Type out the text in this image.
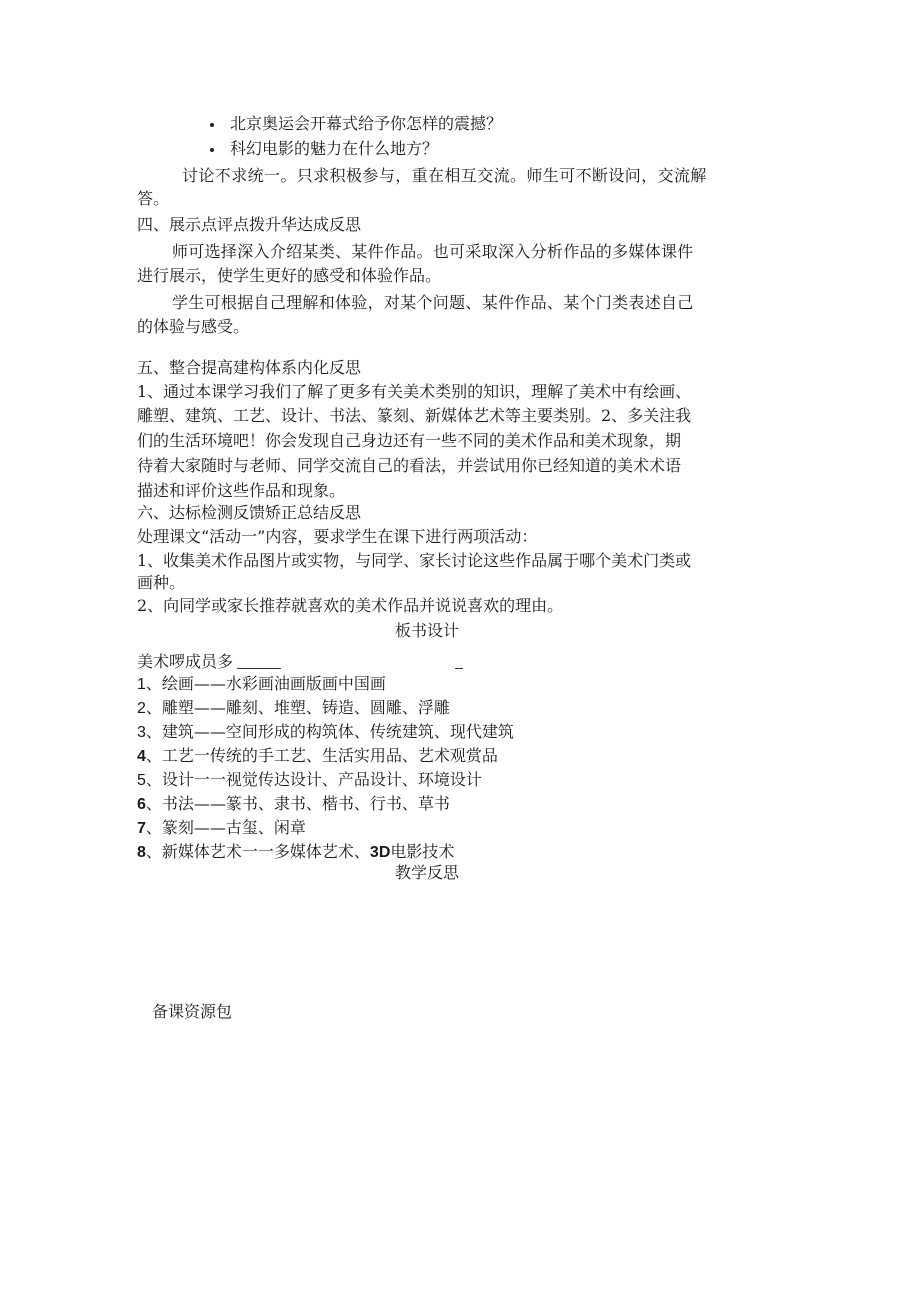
北京奥运会开幕式给予你怎样的震撼？
科幻电影的魅力在什么地方？
讨论不求统一。只求积极参与，重在相互交流。师生可不断设问，交流解
答。
四、展示点评点拨升华达成反思
师可选择深入介绍某类、某件作品。也可采取深入分析作品的多媒体课件
进行展示，使学生更好的感受和体验作品。
学生可根据自己理解和体验，对某个问题、某件作品、某个门类表述自己
的体验与感受。
五、整合提高建构体系内化反思
1、通过本课学习我们了解了更多有关美术类别的知识，理解了美术中有绘画、
雕塑、建筑、工艺、设计、书法、篆刻、新媒体艺术等主要类别。2、多关注我
们的生活环境吧！你会发现自己身边还有一些不同的美术作品和美术现象，期
待着大家随时与老师、同学交流自己的看法，并尝试用你已经知道的美术术语
描述和评价这些作品和现象。
六、达标检测反馈矫正总结反思
处理课文“活动一”内容，要求学生在课下进行两项活动：
1、收集美术作品图片或实物，与同学、家长讨论这些作品属于哪个美术门类或
画种。
2、向同学或家长推荐就喜欢的美术作品并说说喜欢的理由。
板书设计
美术啰成员多
1、绘画——水彩画油画版画中国画
2、雕塑——雕刻、堆塑、铸造、圆雕、浮雕
3、建筑——空间形成的构筑体、传统建筑、现代建筑
4、工艺一传统的手工艺、生活实用品、艺术观赏品
5、设计一一视觉传达设计、产品设计、环境设计
6、书法——篆书、隶书、楷书、行书、草书
7、篆刻——古玺、闲章
8、新媒体艺术一一多媒体艺术、3D电影技术
教学反思
备课资源包
